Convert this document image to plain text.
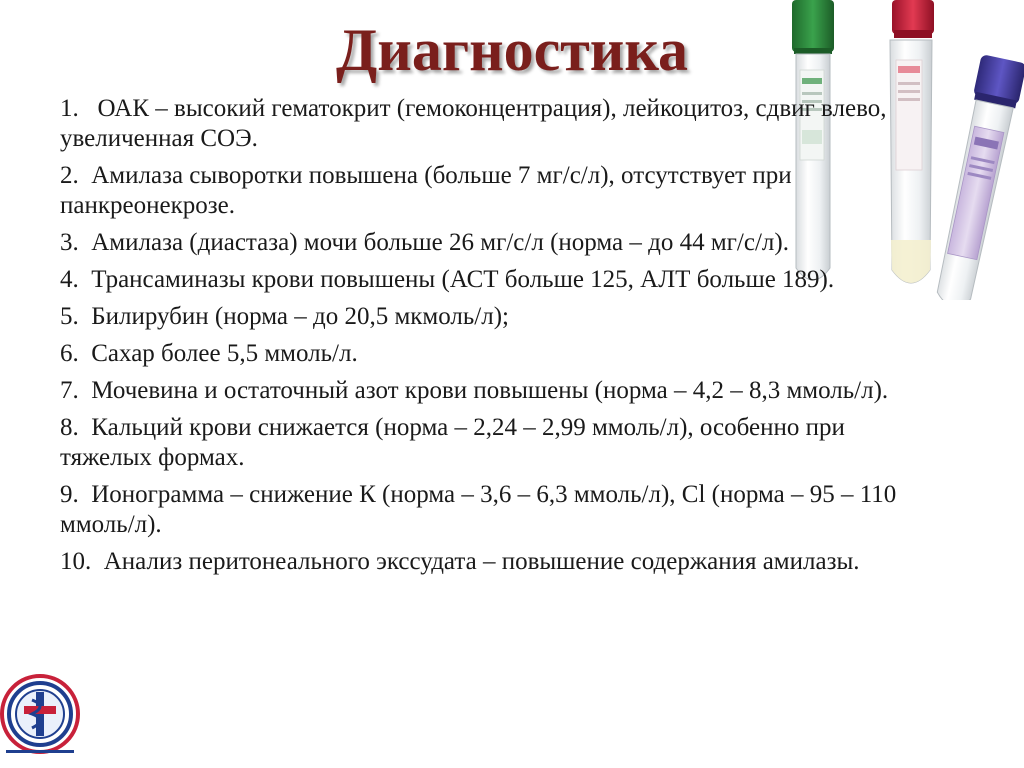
Диагностика
1. ОАК – высокий гематокрит (гемоконцентрация), лейкоцитоз, сдвиг влево, увеличенная СОЭ.
2. Амилаза сыворотки повышена (больше 7 мг/с/л), отсутствует при панкреонекрозе.
3. Амилаза (диастаза) мочи больше 26 мг/с/л (норма – до 44 мг/с/л).
4. Трансаминазы крови повышены (АСТ больше 125, АЛТ больше 189).
5. Билирубин (норма – до 20,5 мкмоль/л);
6. Сахар более 5,5 ммоль/л.
7. Мочевина и остаточный азот крови повышены (норма – 4,2 – 8,3 ммоль/л).
8. Кальций крови снижается (норма – 2,24 – 2,99 ммоль/л), особенно при тяжелых формах.
9. Ионограмма – снижение К (норма – 3,6 – 6,3 ммоль/л), Cl (норма – 95 – 110 ммоль/л).
10. Анализ перитонеального экссудата – повышение содержания амилазы.
